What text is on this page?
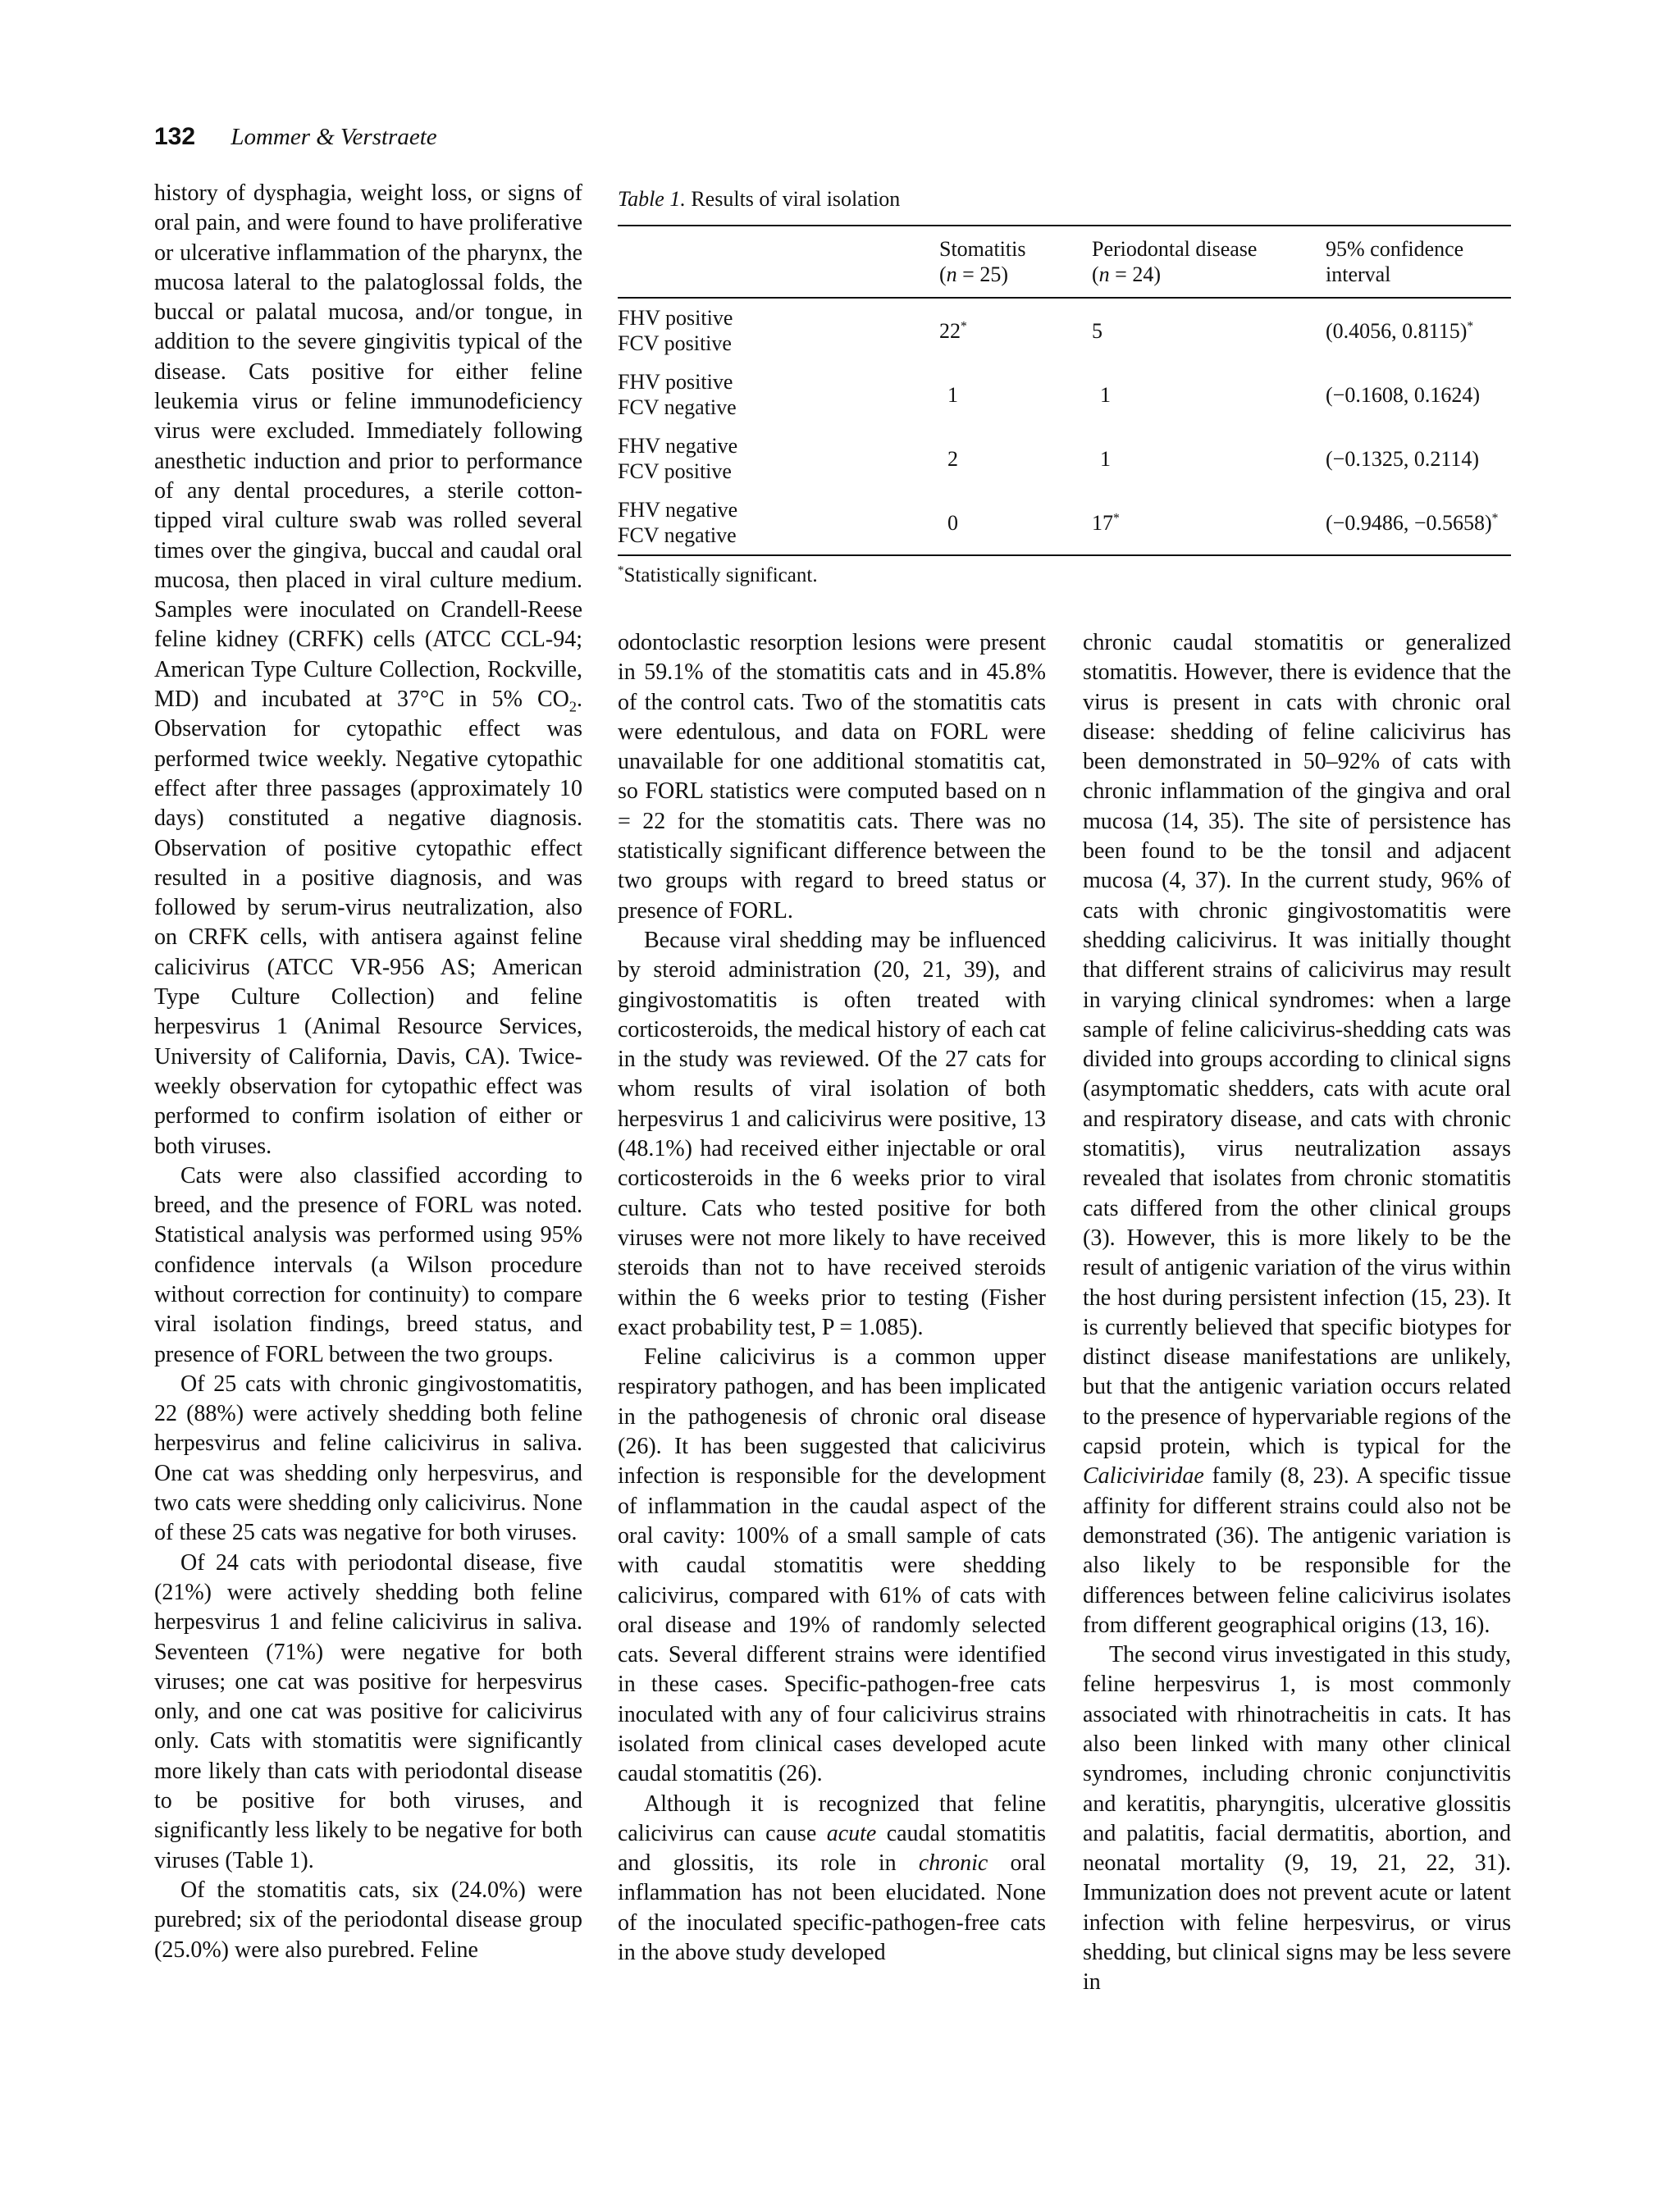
132 Lommer & Verstraete

history of dysphagia, weight loss, or signs of oral pain, and were found to have proliferative or ulcerative inflammation of the pharynx, the mucosa lateral to the palatoglossal folds, the buccal or palatal mucosa, and/or tongue, in addition to the severe gingivitis typical of the disease. Cats positive for either feline leukemia virus or feline immunodeficiency virus were excluded. Immediately following anesthetic induction and prior to performance of any dental procedures, a sterile cotton-tipped viral culture swab was rolled several times over the gingiva, buccal and caudal oral mucosa, then placed in viral culture medium. Samples were inoculated on Crandell-Reese feline kidney (CRFK) cells (ATCC CCL-94; American Type Culture Collection, Rockville, MD) and incubated at 37°C in 5% $CO_2$. Observation for cytopathic effect was performed twice weekly. Negative cytopathic effect after three passages (approximately 10 days) constituted a negative diagnosis. Observation of positive cytopathic effect resulted in a positive diagnosis, and was followed by serum-virus neutralization, also on CRFK cells, with antisera against feline calicivirus (ATCC VR-956 AS; American Type Culture Collection) and feline herpesvirus 1 (Animal Resource Services, University of California, Davis, CA). Twice-weekly observation for cytopathic effect was performed to confirm isolation of either or both viruses.

Cats were also classified according to breed, and the presence of FORL was noted. Statistical analysis was performed using 95% confidence intervals (a Wilson procedure without correction for continuity) to compare viral isolation findings, breed status, and presence of FORL between the two groups.

Of 25 cats with chronic gingivostomatitis, 22 (88%) were actively shedding both feline herpesvirus and feline calicivirus in saliva. One cat was shedding only herpesvirus, and two cats were shedding only calicivirus. None of these 25 cats was negative for both viruses.

Of 24 cats with periodontal disease, five (21%) were actively shedding both feline herpesvirus 1 and feline calicivirus in saliva. Seventeen (71%) were negative for both viruses; one cat was positive for herpesvirus only, and one cat was positive for calicivirus only. Cats with stomatitis were significantly more likely than cats with periodontal disease to be positive for both viruses, and significantly less likely to be negative for both viruses (Table 1).

Of the stomatitis cats, six (24.0%) were purebred; six of the periodontal disease group (25.0%) were also purebred. Feline

Table 1. Results of viral isolation
	Stomatitis
(n = 25)	Periodontal disease
(n = 24)	95% confidence
interval
FHV positive
FCV positive	22*	5	(0.4056, 0.8115)*
FHV positive
FCV negative	1	1	(−0.1608, 0.1624)
FHV negative
FCV positive	2	1	(−0.1325, 0.2114)
FHV negative
FCV negative	0	17*	(−0.9486, −0.5658)*
*Statistically significant.

odontoclastic resorption lesions were present in 59.1% of the stomatitis cats and in 45.8% of the control cats. Two of the stomatitis cats were edentulous, and data on FORL were unavailable for one additional stomatitis cat, so FORL statistics were computed based on n = 22 for the stomatitis cats. There was no statistically significant difference between the two groups with regard to breed status or presence of FORL.

Because viral shedding may be influenced by steroid administration (20, 21, 39), and gingivostomatitis is often treated with corticosteroids, the medical history of each cat in the study was reviewed. Of the 27 cats for whom results of viral isolation of both herpesvirus 1 and calicivirus were positive, 13 (48.1%) had received either injectable or oral corticosteroids in the 6 weeks prior to viral culture. Cats who tested positive for both viruses were not more likely to have received steroids than not to have received steroids within the 6 weeks prior to testing (Fisher exact probability test, P = 1.085).

Feline calicivirus is a common upper respiratory pathogen, and has been implicated in the pathogenesis of chronic oral disease (26). It has been suggested that calicivirus infection is responsible for the development of inflammation in the caudal aspect of the oral cavity: 100% of a small sample of cats with caudal stomatitis were shedding calicivirus, compared with 61% of cats with oral disease and 19% of randomly selected cats. Several different strains were identified in these cases. Specific-pathogen-free cats inoculated with any of four calicivirus strains isolated from clinical cases developed acute caudal stomatitis (26).

Although it is recognized that feline calicivirus can cause acute caudal stomatitis and glossitis, its role in chronic oral inflammation has not been elucidated. None of the inoculated specific-pathogen-free cats in the above study developed

chronic caudal stomatitis or generalized stomatitis. However, there is evidence that the virus is present in cats with chronic oral disease: shedding of feline calicivirus has been demonstrated in 50–92% of cats with chronic inflammation of the gingiva and oral mucosa (14, 35). The site of persistence has been found to be the tonsil and adjacent mucosa (4, 37). In the current study, 96% of cats with chronic gingivostomatitis were shedding calicivirus. It was initially thought that different strains of calicivirus may result in varying clinical syndromes: when a large sample of feline calicivirus-shedding cats was divided into groups according to clinical signs (asymptomatic shedders, cats with acute oral and respiratory disease, and cats with chronic stomatitis), virus neutralization assays revealed that isolates from chronic stomatitis cats differed from the other clinical groups (3). However, this is more likely to be the result of antigenic variation of the virus within the host during persistent infection (15, 23). It is currently believed that specific biotypes for distinct disease manifestations are unlikely, but that the antigenic variation occurs related to the presence of hypervariable regions of the capsid protein, which is typical for the Caliciviridae family (8, 23). A specific tissue affinity for different strains could also not be demonstrated (36). The antigenic variation is also likely to be responsible for the differences between feline calicivirus isolates from different geographical origins (13, 16).

The second virus investigated in this study, feline herpesvirus 1, is most commonly associated with rhinotracheitis in cats. It has also been linked with many other clinical syndromes, including chronic conjunctivitis and keratitis, pharyngitis, ulcerative glossitis and palatitis, facial dermatitis, abortion, and neonatal mortality (9, 19, 21, 22, 31). Immunization does not prevent acute or latent infection with feline herpesvirus, or virus shedding, but clinical signs may be less severe in
